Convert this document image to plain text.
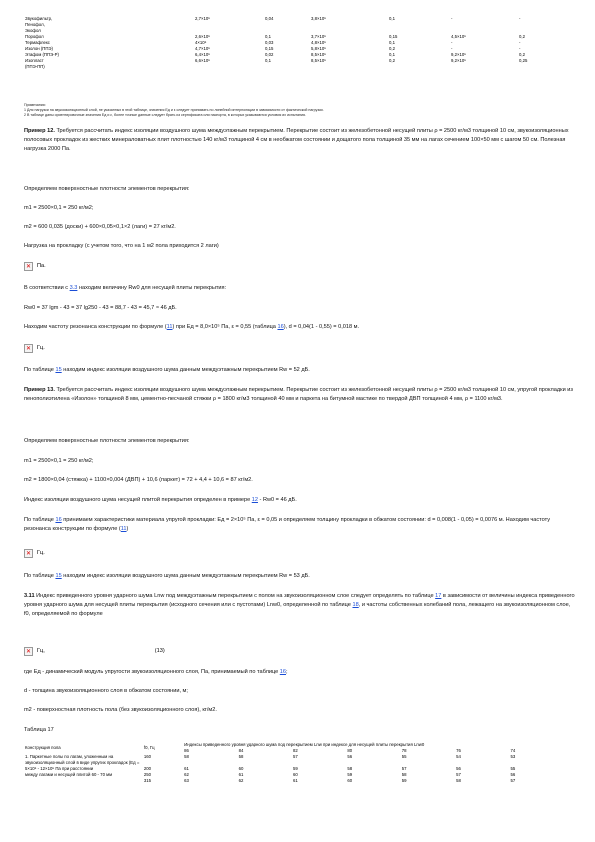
Звукофильтр,	2,7×10⁵	0,04	3,8×10⁵	0,1	-	-
Пенофол,						
Экофол						
Порофол	2,6×10⁵	0,1	3,7×10⁵	0,15	4,5×10⁵	0,2
Термафлекс	4×10⁵	0,03	4,8×10⁵	0,1	-	-
Изолон (ППЭ)	4,7×10⁵	0,15	5,8×10⁵	0,2	-	-
Этафом (ППЭ-Р)	6,4×10⁵	0,02	8,5×10⁵	0,1	9,2×10⁵	0,2
Изопласт	6,6×10⁵	0,1	8,5×10⁵	0,2	9,2×10⁵	0,25
(ППЭ-ПП)						
Примечания:
1 Для нагрузки на звукоизоляционный слой, не указанных в этой таблице, значения Eд и ε следует принимать по линейной интерполяции в зависимости от фактической нагрузки.
2 В таблице даны ориентировочные значения Eд и ε, более точные данные следует брать из сертификата или паспорта, в которых указываются условия их испытания.

Пример 12. Требуется рассчитать индекс изоляции воздушного шума междуэтажным перекрытием. Перекрытие состоит из железобетонной несущей плиты ρ = 2500 кг/м3 толщиной 10 см, звукоизоляционных полосовых прокладок из жестких минераловатных плит плотностью 140 кг/м3 толщиной 4 см в необжатом состоянии и дощатого пола толщиной 35 мм на лагах сечением 100×50 мм с шагом 50 см. Полезная нагрузка 2000 Па.

Определяем поверхностные плотности элементов перекрытия:
m1 = 2500×0,1 = 250 кг/м2;
m2 = 600 0,035 (доски) + 600×0,05×0,1×2 (лаги) = 27 кг/м2.
Нагрузка на прокладку (с учетом того, что на 1 м2 пола приходится 2 лаги)
✕
Па.
В соответствии с 3.3 находим величину Rw0 для несущей плиты перекрытия:
Rw0 = 37 lgm - 43 = 37 lg250 - 43 = 88,7 - 43 = 45,7 ≈ 46 дБ.
Находим частоту резонанса конструкции по формуле (11) при Eд = 8,0×10⁵ Па, ε = 0,55 (таблица 16), d = 0,04(1 - 0,55) = 0,018 м.
✕
Гц.
По таблице 15 находим индекс изоляции воздушного шума данным междуэтажным перекрытием Rw = 52 дБ.

Пример 13. Требуется рассчитать индекс изоляции воздушного шума междуэтажным перекрытием. Перекрытие состоит из железобетонной несущей плиты ρ = 2500 кг/м3 толщиной 10 см, упругой прокладки из пенополиэтилена «Изолон» толщиной 8 мм, цементно-песчаной стяжки ρ = 1800 кг/м3 толщиной 40 мм и паркета на битумной мастике по твердой ДВП толщиной 4 мм, ρ = 1100 кг/м3.

Определяем поверхностные плотности элементов перекрытия:
m1 = 2500×0,1 = 250 кг/м2;
m2 = 1800×0,04 (стяжка) + 1100×0,004 (ДВП) + 10,6 (паркет) = 72 + 4,4 + 10,6 = 87 кг/м2.
Индекс изоляции воздушного шума несущей плитой перекрытия определен в примере 12 - Rw0 = 46 дБ.
По таблице 16 принимаем характеристики материала упругой прокладки: Eд = 2×10⁵ Па, ε = 0,05 и определяем толщину прокладки в обжатом состоянии: d = 0,008(1 - 0,05) = 0,0076 м. Находим частоту резонанса конструкции по формуле (11)
✕
Гц.
По таблице 15 находим индекс изоляции воздушного шума данным междуэтажным перекрытием Rw = 53 дБ.
3.11 Индекс приведенного уровня ударного шума Lnw под междуэтажным перекрытием с полом на звукоизоляционном слое следует определять по таблице 17 в зависимости от величины индекса приведенного уровня ударного шума для несущей плиты перекрытия (исходного сечения или с пустотами) Lnw0, определенной по таблице 18, и частоты собственных колебаний пола, лежащего на звукоизоляционном слое, f0, определяемой по формуле
✕
Гц,	(13)
где Eд - динамический модуль упругости звукоизоляционного слоя, Па, принимаемый по таблице 16;
d - толщина звукоизоляционного слоя в обжатом состоянии, м;
m2 - поверхностная плотность пола (без звукоизоляционного слоя), кг/м2.
Таблица 17
Конструкция пола	f0, Гц	Индексы приведенного уровня ударного шума под перекрытием Lnw при индексе для несущей плиты перекрытия Lnw0						
		86	84	82	80	78	76	74
1. Паркетные полы по лагам, уложенным на звукоизоляционный слой в виде упругих прокладок (Eд =	160	58	58	57	56	55	54	53
5×10⁵ - 12×10⁵ Па при расстоянии	200	61	60	59	58	57	56	55
между лагами и несущей плитой 60 - 70 мм	250	62	61	60	59	58	57	56
	315	63	62	61	60	59	58	57
